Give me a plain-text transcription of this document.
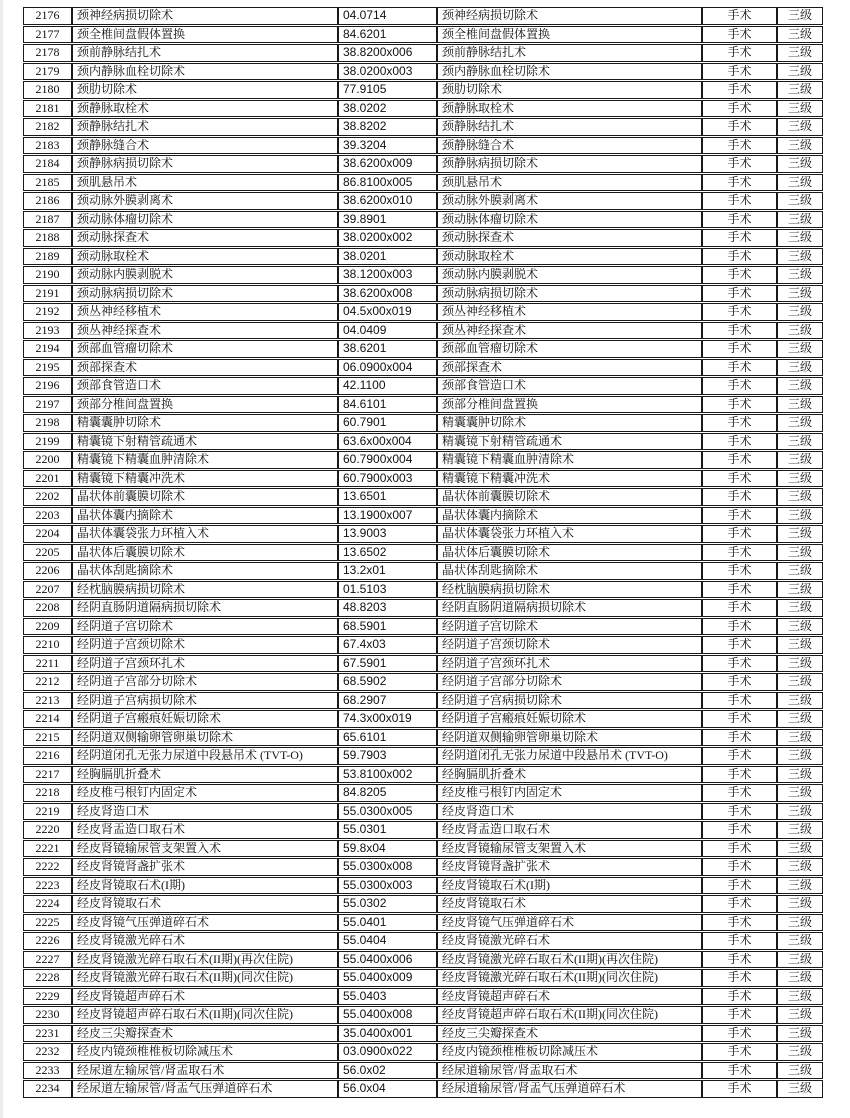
2176	颈神经病损切除术	04.0714	颈神经病损切除术	手术	三级
2177	颈全椎间盘假体置换	84.6201	颈全椎间盘假体置换	手术	三级
2178	颈前静脉结扎术	38.8200x006	颈前静脉结扎术	手术	三级
2179	颈内静脉血栓切除术	38.0200x003	颈内静脉血栓切除术	手术	三级
2180	颈肋切除术	77.9105	颈肋切除术	手术	三级
2181	颈静脉取栓术	38.0202	颈静脉取栓术	手术	三级
2182	颈静脉结扎术	38.8202	颈静脉结扎术	手术	三级
2183	颈静脉缝合术	39.3204	颈静脉缝合术	手术	三级
2184	颈静脉病损切除术	38.6200x009	颈静脉病损切除术	手术	三级
2185	颈肌悬吊术	86.8100x005	颈肌悬吊术	手术	三级
2186	颈动脉外膜剥离术	38.6200x010	颈动脉外膜剥离术	手术	三级
2187	颈动脉体瘤切除术	39.8901	颈动脉体瘤切除术	手术	三级
2188	颈动脉探查术	38.0200x002	颈动脉探查术	手术	三级
2189	颈动脉取栓术	38.0201	颈动脉取栓术	手术	三级
2190	颈动脉内膜剥脱术	38.1200x003	颈动脉内膜剥脱术	手术	三级
2191	颈动脉病损切除术	38.6200x008	颈动脉病损切除术	手术	三级
2192	颈丛神经移植术	04.5x00x019	颈丛神经移植术	手术	三级
2193	颈丛神经探查术	04.0409	颈丛神经探查术	手术	三级
2194	颈部血管瘤切除术	38.6201	颈部血管瘤切除术	手术	三级
2195	颈部探查术	06.0900x004	颈部探查术	手术	三级
2196	颈部食管造口术	42.1100	颈部食管造口术	手术	三级
2197	颈部分椎间盘置换	84.6101	颈部分椎间盘置换	手术	三级
2198	精囊囊肿切除术	60.7901	精囊囊肿切除术	手术	三级
2199	精囊镜下射精管疏通术	63.6x00x004	精囊镜下射精管疏通术	手术	三级
2200	精囊镜下精囊血肿清除术	60.7900x004	精囊镜下精囊血肿清除术	手术	三级
2201	精囊镜下精囊冲洗术	60.7900x003	精囊镜下精囊冲洗术	手术	三级
2202	晶状体前囊膜切除术	13.6501	晶状体前囊膜切除术	手术	三级
2203	晶状体囊内摘除术	13.1900x007	晶状体囊内摘除术	手术	三级
2204	晶状体囊袋张力环植入术	13.9003	晶状体囊袋张力环植入术	手术	三级
2205	晶状体后囊膜切除术	13.6502	晶状体后囊膜切除术	手术	三级
2206	晶状体刮匙摘除术	13.2x01	晶状体刮匙摘除术	手术	三级
2207	经枕脑膜病损切除术	01.5103	经枕脑膜病损切除术	手术	三级
2208	经阴直肠阴道隔病损切除术	48.8203	经阴直肠阴道隔病损切除术	手术	三级
2209	经阴道子宫切除术	68.5901	经阴道子宫切除术	手术	三级
2210	经阴道子宫颈切除术	67.4x03	经阴道子宫颈切除术	手术	三级
2211	经阴道子宫颈环扎术	67.5901	经阴道子宫颈环扎术	手术	三级
2212	经阴道子宫部分切除术	68.5902	经阴道子宫部分切除术	手术	三级
2213	经阴道子宫病损切除术	68.2907	经阴道子宫病损切除术	手术	三级
2214	经阴道子宫瘢痕妊娠切除术	74.3x00x019	经阴道子宫瘢痕妊娠切除术	手术	三级
2215	经阴道双侧输卵管卵巢切除术	65.6101	经阴道双侧输卵管卵巢切除术	手术	三级
2216	经阴道闭孔无张力尿道中段悬吊术 (TVT-O)	59.7903	经阴道闭孔无张力尿道中段悬吊术 (TVT-O)	手术	三级
2217	经胸膈肌折叠术	53.8100x002	经胸膈肌折叠术	手术	三级
2218	经皮椎弓根钉内固定术	84.8205	经皮椎弓根钉内固定术	手术	三级
2219	经皮肾造口术	55.0300x005	经皮肾造口术	手术	三级
2220	经皮肾盂造口取石术	55.0301	经皮肾盂造口取石术	手术	三级
2221	经皮肾镜输尿管支架置入术	59.8x04	经皮肾镜输尿管支架置入术	手术	三级
2222	经皮肾镜肾盏扩张术	55.0300x008	经皮肾镜肾盏扩张术	手术	三级
2223	经皮肾镜取石术(I期)	55.0300x003	经皮肾镜取石术(I期)	手术	三级
2224	经皮肾镜取石术	55.0302	经皮肾镜取石术	手术	三级
2225	经皮肾镜气压弹道碎石术	55.0401	经皮肾镜气压弹道碎石术	手术	三级
2226	经皮肾镜激光碎石术	55.0404	经皮肾镜激光碎石术	手术	三级
2227	经皮肾镜激光碎石取石术(II期)(再次住院)	55.0400x006	经皮肾镜激光碎石取石术(II期)(再次住院)	手术	三级
2228	经皮肾镜激光碎石取石术(II期)(同次住院)	55.0400x009	经皮肾镜激光碎石取石术(II期)(同次住院)	手术	三级
2229	经皮肾镜超声碎石术	55.0403	经皮肾镜超声碎石术	手术	三级
2230	经皮肾镜超声碎石取石术(II期)(同次住院)	55.0400x008	经皮肾镜超声碎石取石术(II期)(同次住院)	手术	三级
2231	经皮三尖瓣探查术	35.0400x001	经皮三尖瓣探查术	手术	三级
2232	经皮内镜颈椎椎板切除减压术	03.0900x022	经皮内镜颈椎椎板切除减压术	手术	三级
2233	经尿道左输尿管/肾盂取石术	56.0x02	经尿道输尿管/肾盂取石术	手术	三级
2234	经尿道左输尿管/肾盂气压弹道碎石术	56.0x04	经尿道输尿管/肾盂气压弹道碎石术	手术	三级
